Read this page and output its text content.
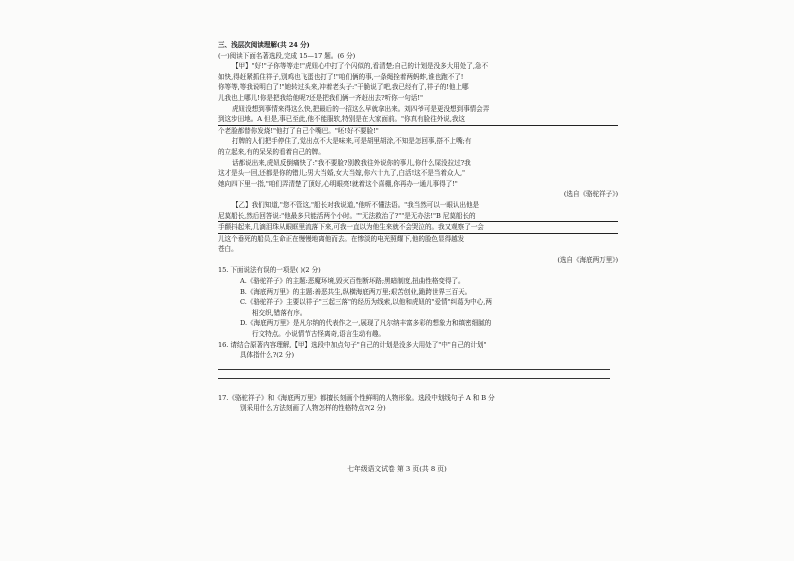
三、浅层次阅读理解(共 24 分)
(一)阅读下面名著选段,完成 15—17 题。(6 分)
【甲】"好!"子你等等走!"虎妞心中打了个闪似的,看清楚;自己的计划是没多大用处了,急不
如快,得赶紧抓住祥子,别鸡也飞蛋也打了!"咱们俩的事,一条绳拴着两蚂蚱,谁也跑不了!
你等等,等我说明白了!"她转过头来,冲着老头子:"干脆说了吧,我已经有了,祥子的!他上哪
儿我也上哪儿!你是把我给他呢?还是把我们俩一齐赶出去?听你一句话!"
虎妞没想到事情来得这么快,把最后的一招这么早就拿出来。刘四爷可是更没想到事情会弄
到这步田地。A 但是,事已至此,他不能服软,特别是在大家面前。"你真有脸往外说,我这
个老脸都替你发烧!"他打了自己个嘴巴。"呸!好不要脸!"
打牌的人们把手停住了,觉出点不大是味来,可是胡里胡涂,不知是怎回事,搭不上嘴;有
的立起来,有的呆呆的看着自己的牌。
话都说出来,虎妞反倒痛快了:"我不要脸?别教我往外说你的事儿,你什么屎没拉过?我
这才是头一回,还都是你的错儿;男大当婚,女大当嫁,你六十九了,白活!这不是当着众人,"
她向四下里一指,"咱们弄清楚了顶好,心明眼亮!就着这个喜棚,你再办一通儿事得了!"
(选自《骆驼祥子》)
【乙】我们知道,"您不管这,"船长对我说道,"他听不懂法语。"我当然可以一眼认出他是
尼莫船长,然后回答说:"他最多只能活两个小时。""无法救治了?""是无办法!"B 尼莫船长的
手颤抖起来,几滴泪珠从眼眶里流落下来,可我一直以为他生来就不会哭泣的。我又观察了一会
儿这个垂死的船员,生命正在慢慢地离他而去。在惨淡的电光照耀下,他的脸色显得越发
苍白。
(选自《海底两万里》)
15. 下面说法有误的一项是( )(2 分)
A.《骆驼祥子》的主题:恶魔环境,毁灭百性断坏路;黑暗制度,扭曲性格变得了。
B.《海底两万里》的主题:善恶共生,纵横海底两万里;艰苦创业,跪跨世界三百天。
C.《骆驼祥子》主要以祥子"三起三落"的经历为线索,以他和虎妞的"爱情"纠葛为中心,两
相交织,错落有序。
D.《海底两万里》是凡尔纳的代表作之一,展现了凡尔纳丰富多彩的想象力和缜密细腻的
行文特点。小说情节古怪离奇,语言生动有趣。
16. 请结合原著内容理解,【甲】选段中加点句子"自己的计划是没多大用处了"中"自己的计划"
具体指什么?(2 分)
17.《骆驼祥子》和《海底两万里》都擅长刻画个性鲜明的人物形象。选段中划线句子 A 和 B 分
别采用什么方法刻画了人物怎样的性格特点?(2 分)
七年级语文试卷 第 3 页(共 8 页)
